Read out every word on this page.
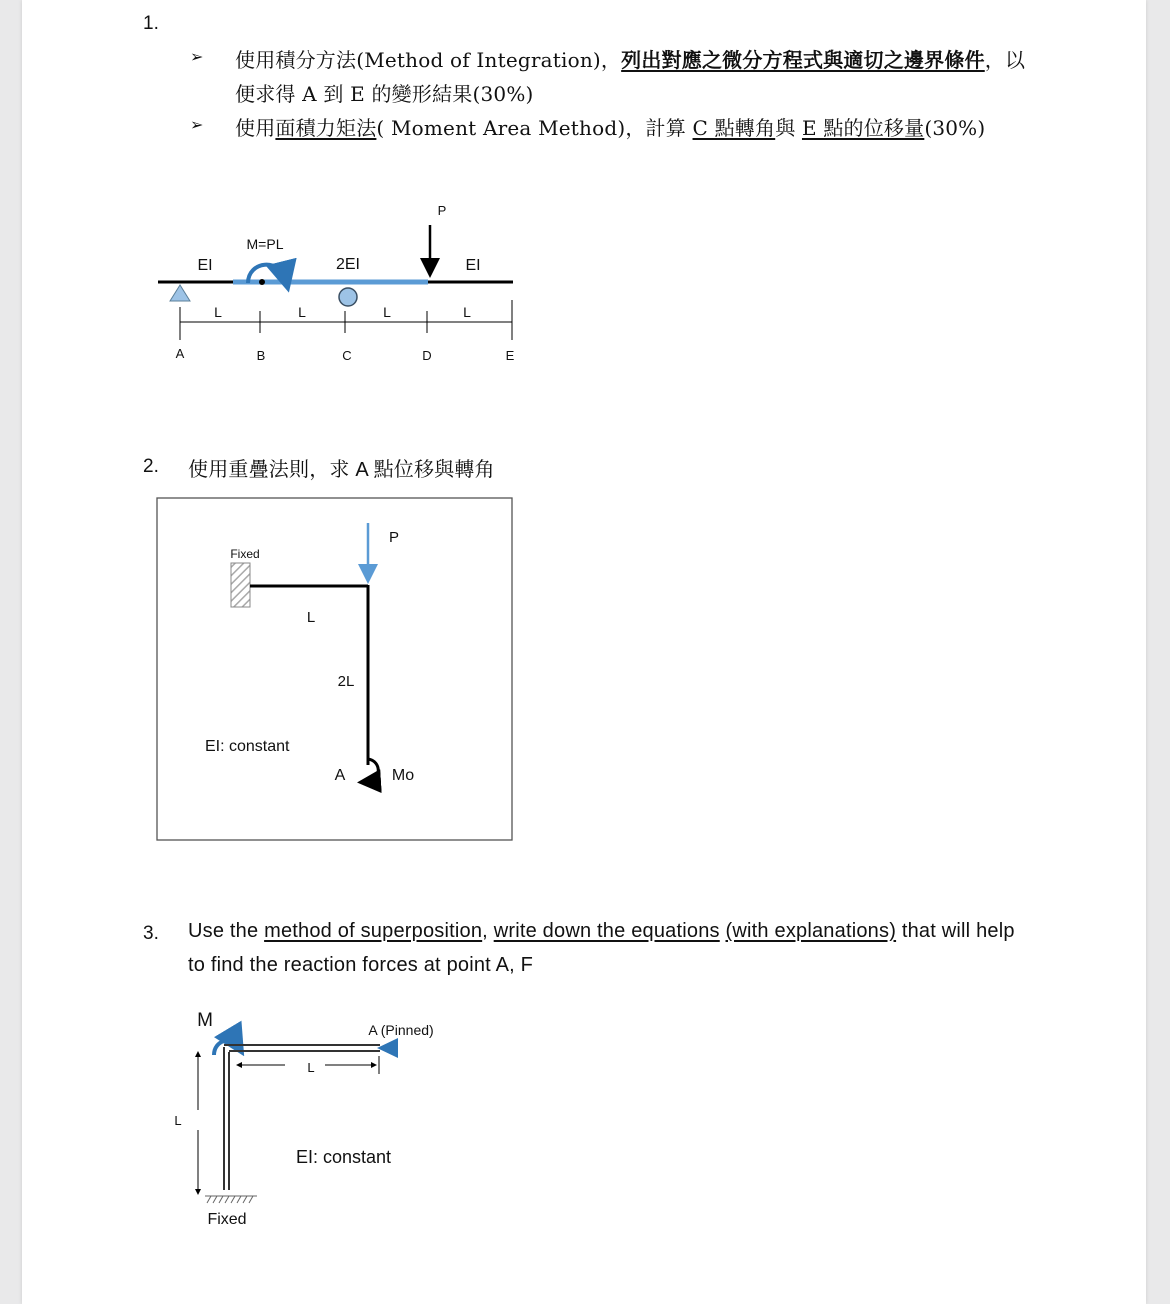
1.
➢ 使用積分方法(Method of Integration)，列出對應之微分方程式與適切之邊界條件，以
便求得 A 到 E 的變形結果(30%)
➢ 使用面積力矩法( Moment Area Method)，計算 C 點轉角與 E 點的位移量(30%)
P
M=PL
EI	2EI	EI
L	L	L	L
A	B	C	D	E
2. 使用重疊法則，求 A 點位移與轉角
Fixed
P
L
2L
EI: constant
A	Mo
3. Use the method of superposition, write down the equations (with explanations) that will help
to find the reaction forces at point A, F
M	A (Pinned)
L
L
EI: constant
Fixed
